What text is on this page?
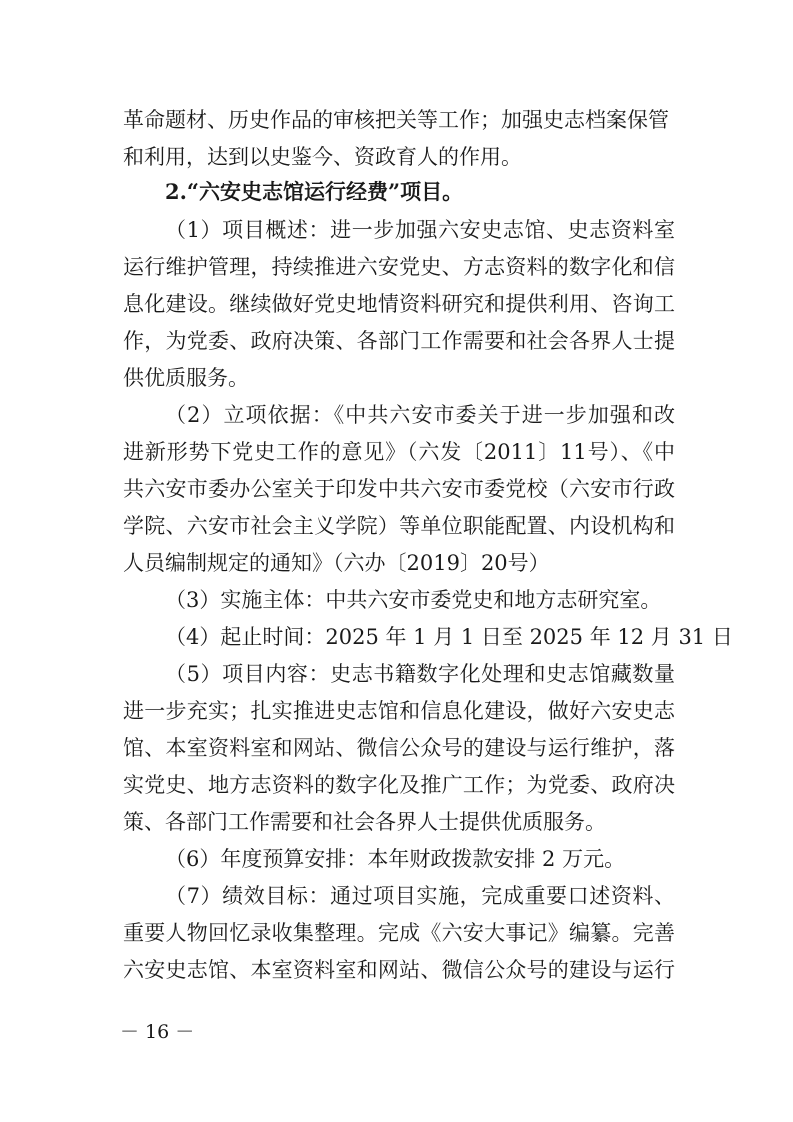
革命题材、历史作品的审核把关等工作；加强史志档案保管
和利用，达到以史鉴今、资政育人的作用。
2.“六安史志馆运行经费”项目。
（1）项目概述：进一步加强六安史志馆、史志资料室
运行维护管理，持续推进六安党史、方志资料的数字化和信
息化建设。继续做好党史地情资料研究和提供利用、咨询工
作，为党委、政府决策、各部门工作需要和社会各界人士提
供优质服务。
（2）立项依据：《中共六安市委关于进一步加强和改
进新形势下党史工作的意见》（六发〔2011〕11号）、《中
共六安市委办公室关于印发中共六安市委党校（六安市行政
学院、六安市社会主义学院）等单位职能配置、内设机构和
人员编制规定的通知》（六办〔2019〕20号）
（3）实施主体：中共六安市委党史和地方志研究室。
（4）起止时间：2025 年 1 月 1 日至 2025 年 12 月 31 日
（5）项目内容：史志书籍数字化处理和史志馆藏数量
进一步充实；扎实推进史志馆和信息化建设，做好六安史志
馆、本室资料室和网站、微信公众号的建设与运行维护，落
实党史、地方志资料的数字化及推广工作；为党委、政府决
策、各部门工作需要和社会各界人士提供优质服务。
（6）年度预算安排：本年财政拨款安排 2 万元。
（7）绩效目标：通过项目实施，完成重要口述资料、
重要人物回忆录收集整理。完成《六安大事记》编纂。完善
六安史志馆、本室资料室和网站、微信公众号的建设与运行
－ 16 －
